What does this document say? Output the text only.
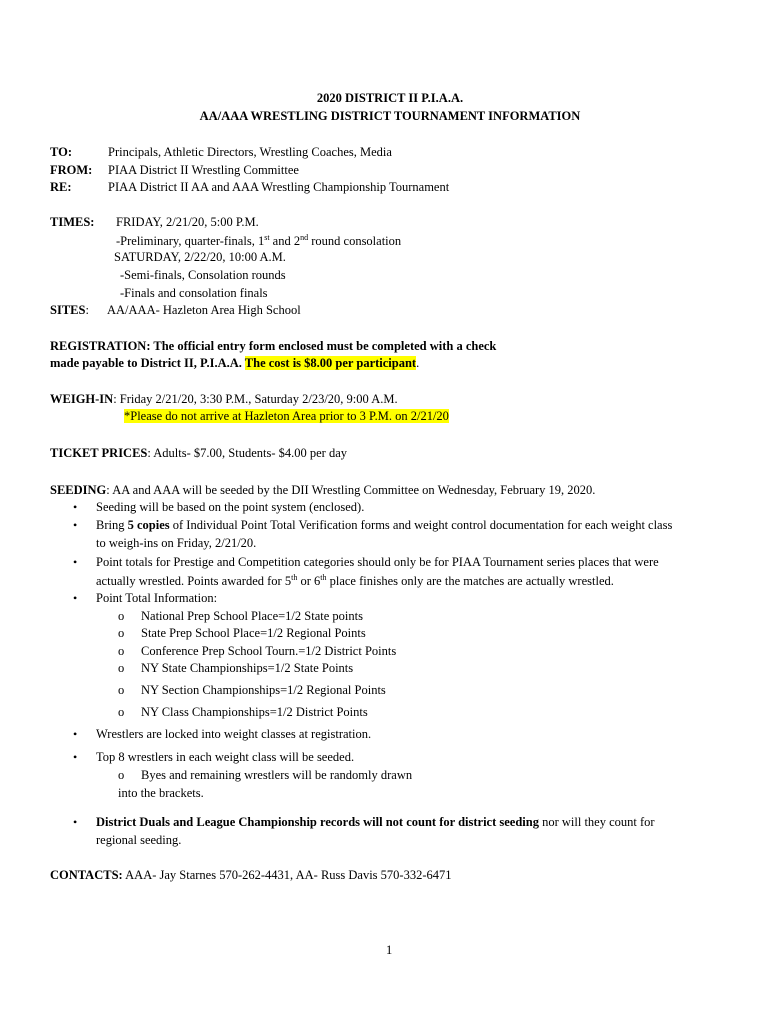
2020 DISTRICT II P.I.A.A.
AA/AAA WRESTLING DISTRICT TOURNAMENT INFORMATION
TO:	Principals, Athletic Directors, Wrestling Coaches, Media
FROM: PIAA District II Wrestling Committee
RE:	PIAA District II AA and AAA Wrestling Championship Tournament
TIMES: FRIDAY, 2/21/20, 5:00 P.M.
-Preliminary, quarter-finals, 1st and 2nd round consolation
SATURDAY, 2/22/20, 10:00 A.M.
-Semi-finals, Consolation rounds
-Finals and consolation finals
SITES: AA/AAA- Hazleton Area High School
REGISTRATION: The official entry form enclosed must be completed with a check
made payable to District II, P.I.A.A. The cost is $8.00 per participant.
WEIGH-IN: Friday 2/21/20, 3:30 P.M., Saturday 2/23/20, 9:00 A.M.
*Please do not arrive at Hazleton Area prior to 3 P.M. on 2/21/20
TICKET PRICES: Adults- $7.00, Students- $4.00 per day
SEEDING: AA and AAA will be seeded by the DII Wrestling Committee on Wednesday, February 19, 2020.
• Seeding will be based on the point system (enclosed).
• Bring 5 copies of Individual Point Total Verification forms and weight control documentation for each weight class
to weigh-ins on Friday, 2/21/20.
• Point totals for Prestige and Competition categories should only be for PIAA Tournament series places that were
actually wrestled. Points awarded for 5th or 6th place finishes only are the matches are actually wrestled.
• Point Total Information:
o National Prep School Place=1/2 State points
o State Prep School Place=1/2 Regional Points
o Conference Prep School Tourn.=1/2 District Points
o NY State Championships=1/2 State Points
o NY Section Championships=1/2 Regional Points
o NY Class Championships=1/2 District Points
• Wrestlers are locked into weight classes at registration.
• Top 8 wrestlers in each weight class will be seeded.
o Byes and remaining wrestlers will be randomly drawn
into the brackets.
• District Duals and League Championship records will not count for district seeding nor will they count for
regional seeding.
CONTACTS: AAA- Jay Starnes 570-262-4431, AA- Russ Davis 570-332-6471
1
